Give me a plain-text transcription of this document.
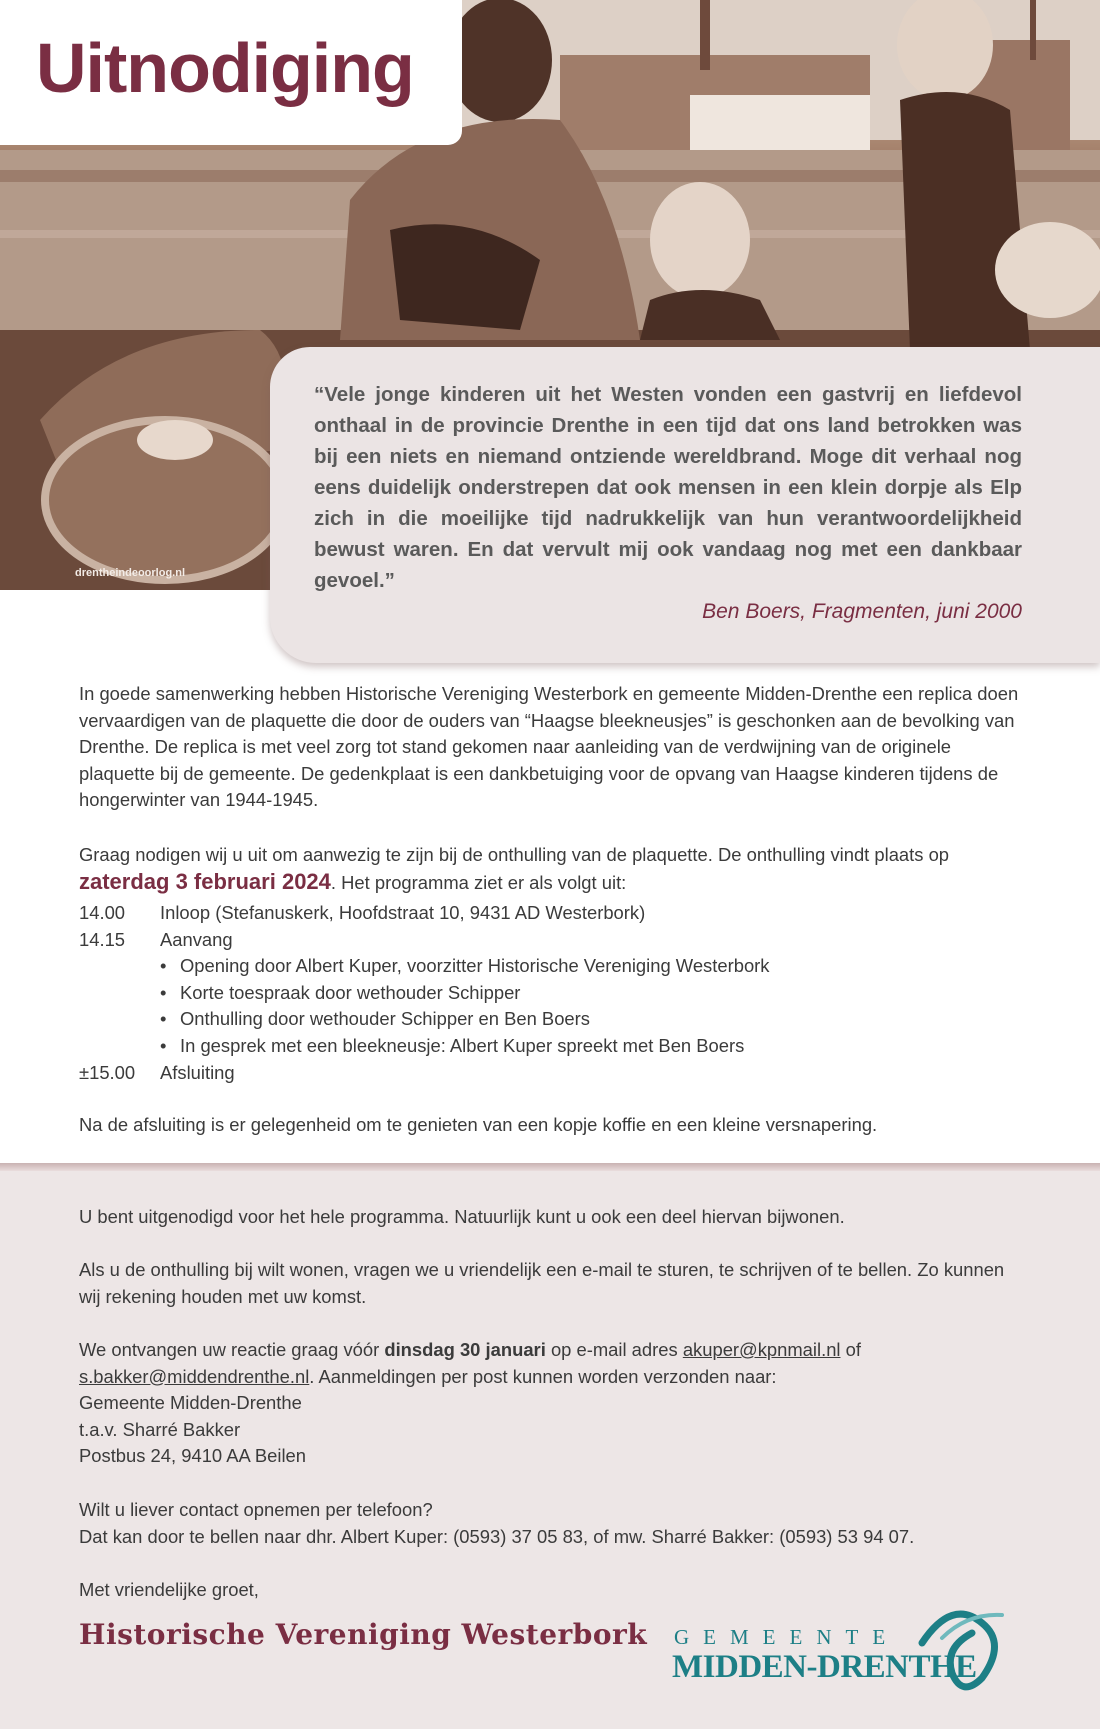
drentheindeoorlog.nl
Uitnodiging
“Vele jonge kinderen uit het Westen vonden een gastvrij en liefdevol onthaal in de provincie Drenthe in een tijd dat ons land betrokken was bij een niets en niemand ontziende wereldbrand. Moge dit verhaal nog eens duidelijk onderstrepen dat ook mensen in een klein dorpje als Elp zich in die moeilijke tijd nadrukkelijk van hun verantwoordelijkheid bewust waren. En dat vervult mij ook vandaag nog met een dankbaar gevoel.”
Ben Boers, Fragmenten, juni 2000
In goede samenwerking hebben Historische Vereniging Westerbork en gemeente Midden-Drenthe een replica doen vervaardigen van de plaquette die door de ouders van “Haagse bleekneusjes” is geschonken aan de bevolking van Drenthe. De replica is met veel zorg tot stand gekomen naar aanleiding van de verdwijning van de originele plaquette bij de gemeente. De gedenkplaat is een dankbetuiging voor de opvang van Haagse kinderen tijdens de hongerwinter van 1944-1945.
Graag nodigen wij u uit om aanwezig te zijn bij de onthulling van de plaquette. De onthulling vindt plaats op zaterdag 3 februari 2024. Het programma ziet er als volgt uit:
14.00	Inloop (Stefanuskerk, Hoofdstraat 10, 9431 AD Westerbork)
14.15	Aanvang
• Opening door Albert Kuper, voorzitter Historische Vereniging Westerbork
• Korte toespraak door wethouder Schipper
• Onthulling door wethouder Schipper en Ben Boers
• In gesprek met een bleekneusje: Albert Kuper spreekt met Ben Boers
±15.00	Afsluiting
Na de afsluiting is er gelegenheid om te genieten van een kopje koffie en een kleine versnapering.
U bent uitgenodigd voor het hele programma. Natuurlijk kunt u ook een deel hiervan bijwonen.
Als u de onthulling bij wilt wonen, vragen we u vriendelijk een e-mail te sturen, te schrijven of te bellen. Zo kunnen wij rekening houden met uw komst.
We ontvangen uw reactie graag vóór dinsdag 30 januari op e-mail adres akuper@kpnmail.nl of
s.bakker@middendrenthe.nl. Aanmeldingen per post kunnen worden verzonden naar:
Gemeente Midden-Drenthe
t.a.v. Sharré Bakker
Postbus 24, 9410 AA Beilen
Wilt u liever contact opnemen per telefoon?
Dat kan door te bellen naar dhr. Albert Kuper: (0593) 37 05 83, of mw. Sharré Bakker: (0593) 53 94 07.
Met vriendelijke groet,
Historische Vereniging Westerbork GEMEENTE
MIDDEN-DRENTHE
